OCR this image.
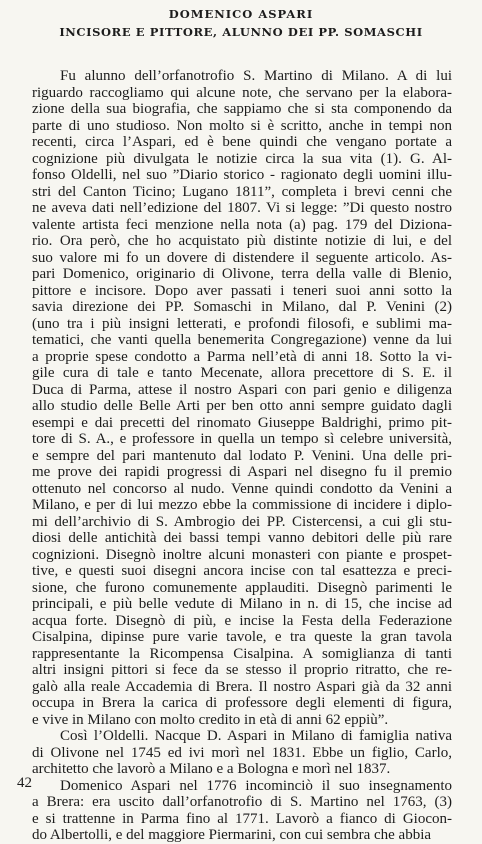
DOMENICO ASPARI
INCISORE E PITTORE, ALUNNO DEI PP. SOMASCHI
Fu alunno dell’orfanotrofio S. Martino di Milano. A di lui
riguardo raccogliamo qui alcune note, che servano per la elabora-
zione della sua biografia, che sappiamo che si sta componendo da
parte di uno studioso. Non molto si è scritto, anche in tempi non
recenti, circa l’Aspari, ed è bene quindi che vengano portate a
cognizione più divulgata le notizie circa la sua vita (1). G. Al-
fonso Oldelli, nel suo ”Diario storico - ragionato degli uomini illu-
stri del Canton Ticino; Lugano 1811”, completa i brevi cenni che
ne aveva dati nell’edizione del 1807. Vi si legge: ”Di questo nostro
valente artista feci menzione nella nota (a) pag. 179 del Diziona-
rio. Ora però, che ho acquistato più distinte notizie di lui, e del
suo valore mi fo un dovere di distendere il seguente articolo. As-
pari Domenico, originario di Olivone, terra della valle di Blenio,
pittore e incisore. Dopo aver passati i teneri suoi anni sotto la
savia direzione dei PP. Somaschi in Milano, dal P. Venini (2)
(uno tra i più insigni letterati, e profondi filosofi, e sublimi ma-
tematici, che vanti quella benemerita Congregazione) venne da lui
a proprie spese condotto a Parma nell’età di anni 18. Sotto la vi-
gile cura di tale e tanto Mecenate, allora precettore di S. E. il
Duca di Parma, attese il nostro Aspari con pari genio e diligenza
allo studio delle Belle Arti per ben otto anni sempre guidato dagli
esempi e dai precetti del rinomato Giuseppe Baldrighi, primo pit-
tore di S. A., e professore in quella un tempo sì celebre università,
e sempre del pari mantenuto dal lodato P. Venini. Una delle pri-
me prove dei rapidi progressi di Aspari nel disegno fu il premio
ottenuto nel concorso al nudo. Venne quindi condotto da Venini a
Milano, e per di lui mezzo ebbe la commissione di incidere i diplo-
mi dell’archivio di S. Ambrogio dei PP. Cistercensi, a cui gli stu-
diosi delle antichità dei bassi tempi vanno debitori delle più rare
cognizioni. Disegnò inoltre alcuni monasteri con piante e prospet-
tive, e questi suoi disegni ancora incise con tal esattezza e preci-
sione, che furono comunemente applauditi. Disegnò parimenti le
principali, e più belle vedute di Milano in n. di 15, che incise ad
acqua forte. Disegnò di più, e incise la Festa della Federazione
Cisalpina, dipinse pure varie tavole, e tra queste la gran tavola
rappresentante la Ricompensa Cisalpina. A somiglianza di tanti
altri insigni pittori si fece da se stesso il proprio ritratto, che re-
galò alla reale Accademia di Brera. Il nostro Aspari già da 32 anni
occupa in Brera la carica di professore degli elementi di figura,
e vive in Milano con molto credito in età di anni 62 eppiù”.
Così l’Oldelli. Nacque D. Aspari in Milano di famiglia nativa
di Olivone nel 1745 ed ivi morì nel 1831. Ebbe un figlio, Carlo,
architetto che lavorò a Milano e a Bologna e morì nel 1837.
Domenico Aspari nel 1776 incominciò il suo insegnamento
a Brera: era uscito dall’orfanotrofio di S. Martino nel 1763, (3)
e si trattenne in Parma fino al 1771. Lavorò a fianco di Giocon-
do Albertolli, e del maggiore Piermarini, con cui sembra che abbia
42
